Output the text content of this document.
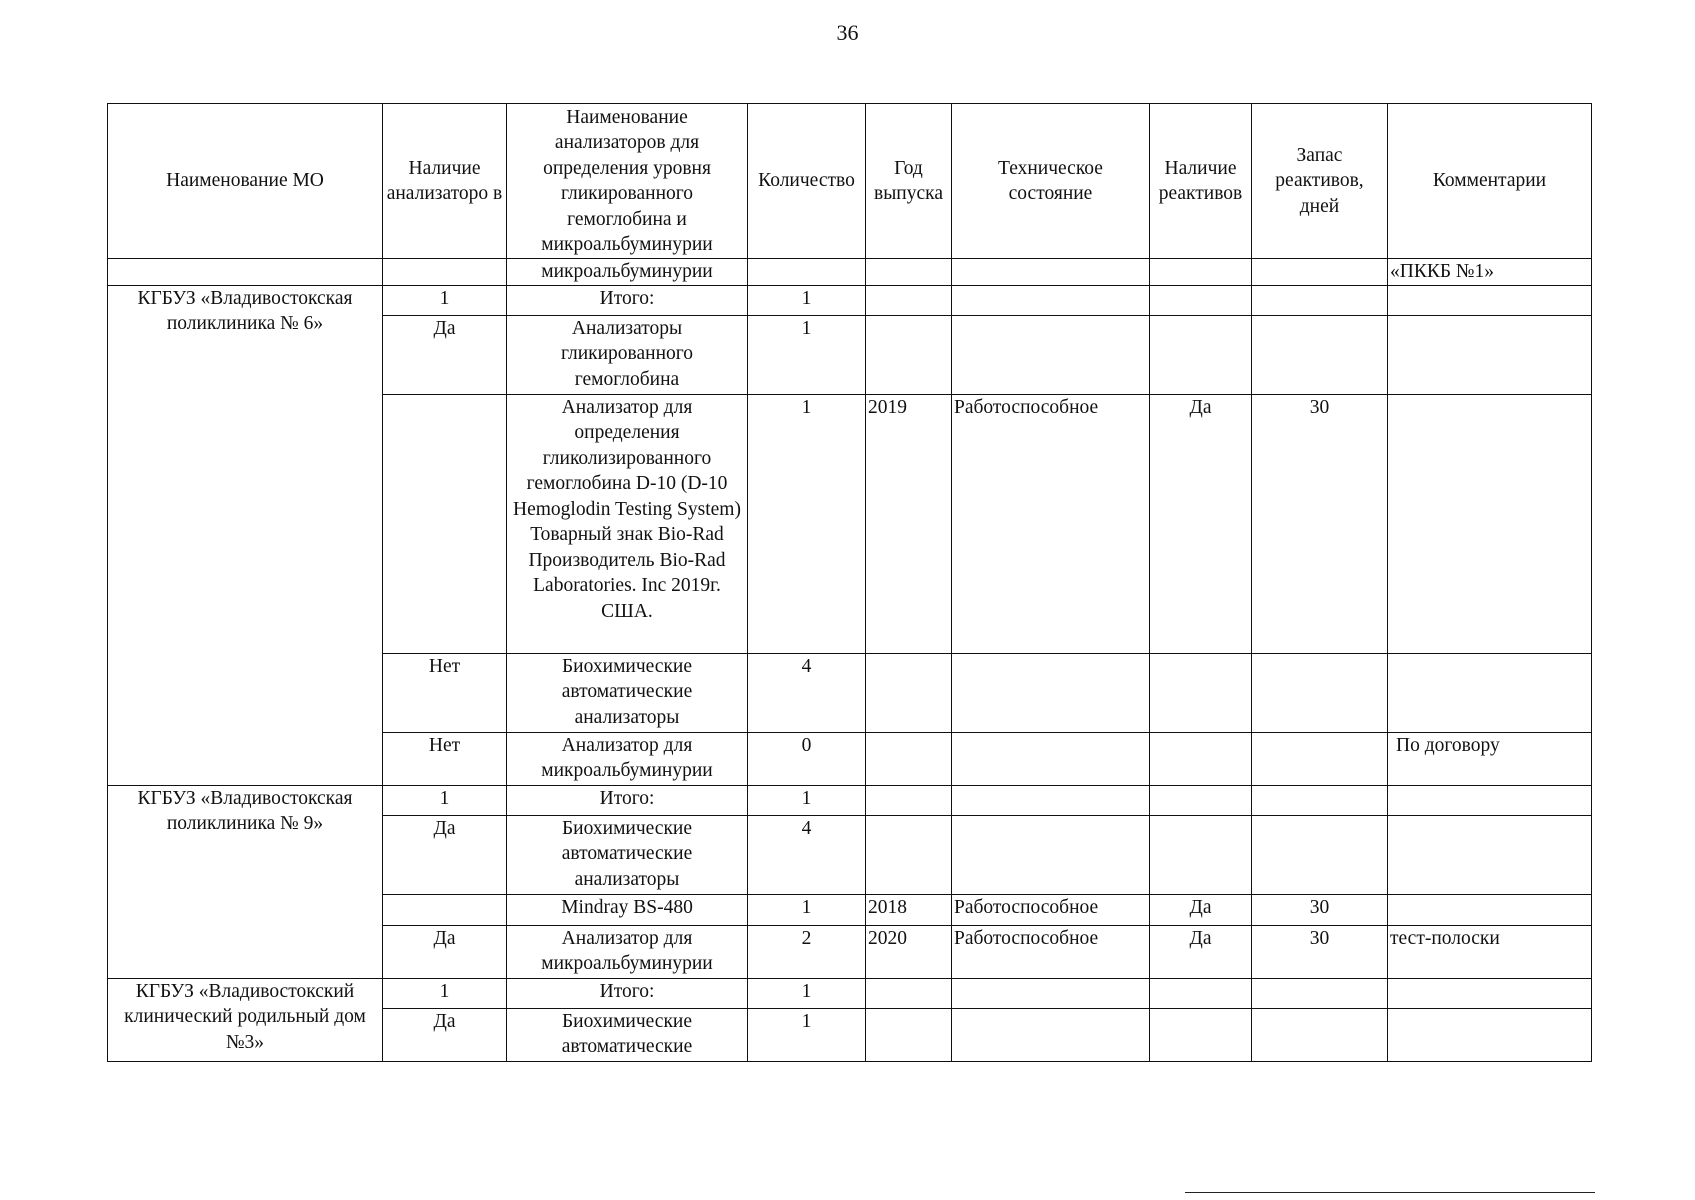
36
Наименование МО	Наличие анализаторо в	Наименование анализаторов для определения уровня гликированного гемоглобина и микроальбуминурии	Количество	Год выпуска	Техническое состояние	Наличие реактивов	Запас реактивов, дней	Комментарии
		микроальбуминурии						«ПККБ №1»
КГБУЗ «Владивостокская поликлиника № 6»	1	Итого:	1					
	Да	Анализаторы гликированного гемоглобина	1					
		Анализатор для определения гликолизированного гемоглобина D-10 (D-10 Hemoglodin Testing System) Товарный знак Bio-Rad Производитель Bio-Rad Laboratories. Inc 2019г. США.	1	2019	Работоспособное	Да	30	
	Нет	Биохимические автоматические анализаторы	4					
	Нет	Анализатор для микроальбуминурии	0					По договору
КГБУЗ «Владивостокская поликлиника № 9»	1	Итого:	1					
	Да	Биохимические автоматические анализаторы	4					
		Mindray BS-480	1	2018	Работоспособное	Да	30	
	Да	Анализатор для микроальбуминурии	2	2020	Работоспособное	Да	30	тест-полоски
КГБУЗ «Владивостокский клинический родильный дом №3»	1	Итого:	1					
	Да	Биохимические автоматические	1					
